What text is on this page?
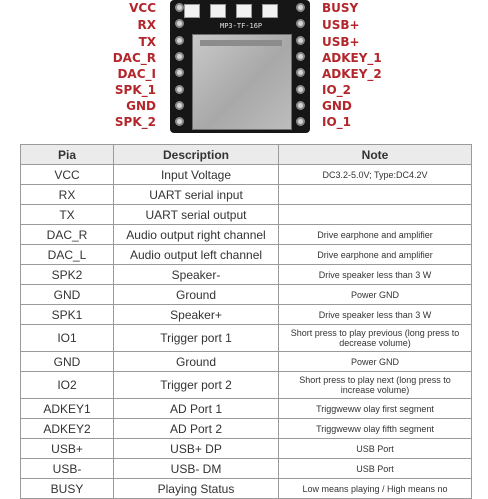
VCC
RX
TX
DAC_R
DAC_I
SPK_1
GND
SPK_2
MP3-TF-16P
BUSY
USB+
USB+
ADKEY_1
ADKEY_2
IO_2
GND
IO_1
Pia	Description	Note
VCC	Input Voltage	DC3.2-5.0V; Type:DC4.2V
RX	UART serial input	
TX	UART serial output	
DAC_R	Audio output right channel	Drive earphone and amplifier
DAC_L	Audio output left channel	Drive earphone and amplifier
SPK2	Speaker-	Drive speaker less than 3 W
GND	Ground	Power GND
SPK1	Speaker+	Drive speaker less than 3 W
IO1	Trigger port 1	Short press to play previous (long press to decrease volume)
GND	Ground	Power GND
IO2	Trigger port 2	Short press to play next (long press to increase volume)
ADKEY1	AD Port 1	Triggweww olay first segment
ADKEY2	AD Port 2	Triggweww olay fifth segment
USB+	USB+ DP	USB Port
USB-	USB- DM	USB Port
BUSY	Playing Status	Low means playing / High means no
